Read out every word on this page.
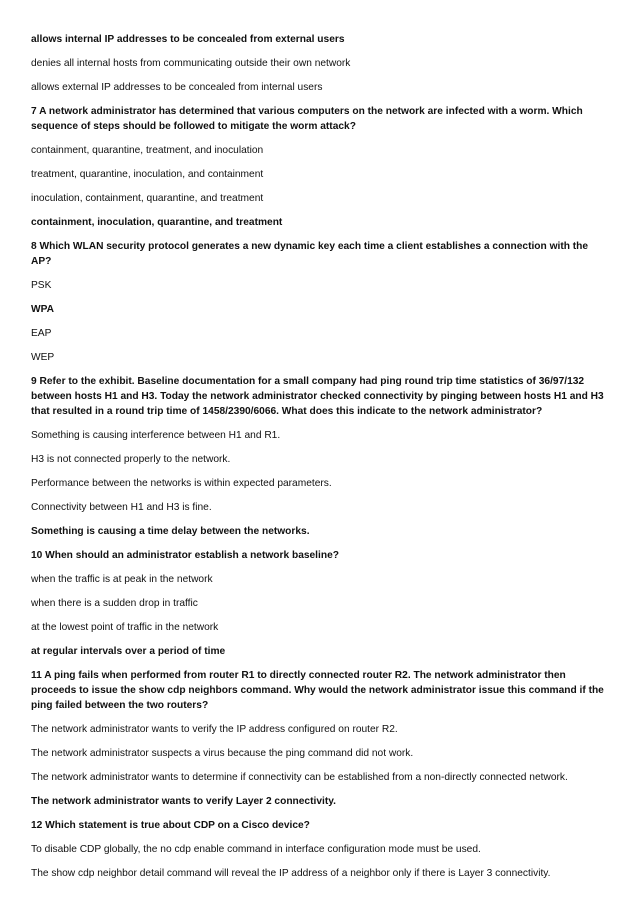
allows internal IP addresses to be concealed from external users
denies all internal hosts from communicating outside their own network
allows external IP addresses to be concealed from internal users
7 A network administrator has determined that various computers on the network are infected with a worm. Which sequence of steps should be followed to mitigate the worm attack?
containment, quarantine, treatment, and inoculation
treatment, quarantine, inoculation, and containment
inoculation, containment, quarantine, and treatment
containment, inoculation, quarantine, and treatment
8 Which WLAN security protocol generates a new dynamic key each time a client establishes a connection with the AP?
PSK
WPA
EAP
WEP
9 Refer to the exhibit. Baseline documentation for a small company had ping round trip time statistics of 36/97/132 between hosts H1 and H3. Today the network administrator checked connectivity by pinging between hosts H1 and H3 that resulted in a round trip time of 1458/2390/6066. What does this indicate to the network administrator?
Something is causing interference between H1 and R1.
H3 is not connected properly to the network.
Performance between the networks is within expected parameters.
Connectivity between H1 and H3 is fine.
Something is causing a time delay between the networks.
10 When should an administrator establish a network baseline?
when the traffic is at peak in the network
when there is a sudden drop in traffic
at the lowest point of traffic in the network
at regular intervals over a period of time
11 A ping fails when performed from router R1 to directly connected router R2. The network administrator then proceeds to issue the show cdp neighbors command. Why would the network administrator issue this command if the ping failed between the two routers?
The network administrator wants to verify the IP address configured on router R2.
The network administrator suspects a virus because the ping command did not work.
The network administrator wants to determine if connectivity can be established from a non-directly connected network.
The network administrator wants to verify Layer 2 connectivity.
12 Which statement is true about CDP on a Cisco device?
To disable CDP globally, the no cdp enable command in interface configuration mode must be used.
The show cdp neighbor detail command will reveal the IP address of a neighbor only if there is Layer 3 connectivity.
